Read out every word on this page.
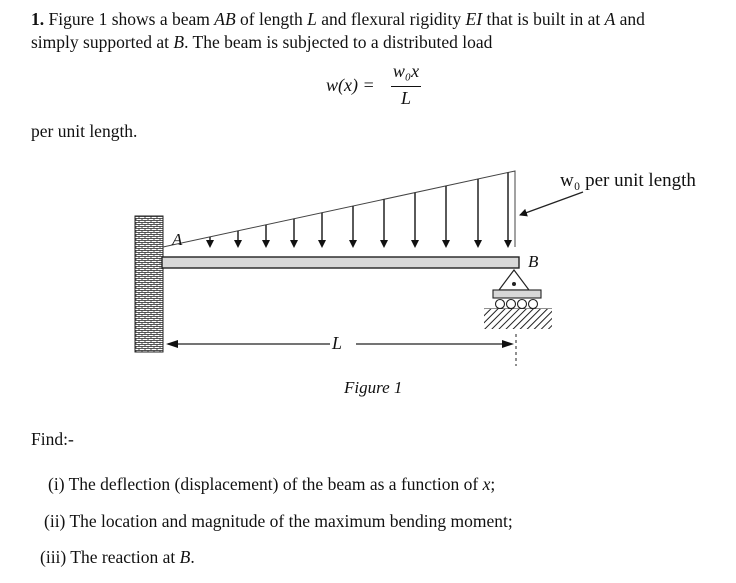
1. Figure 1 shows a beam AB of length L and flexural rigidity EI that is built in at A and
simply supported at B. The beam is subjected to a distributed load
w(x) =
w₀x
L
per unit length.
A
B
L
w₀ per unit length
Figure 1
Find:-
(i) The deflection (displacement) of the beam as a function of x;
(ii) The location and magnitude of the maximum bending moment;
(iii) The reaction at B.
